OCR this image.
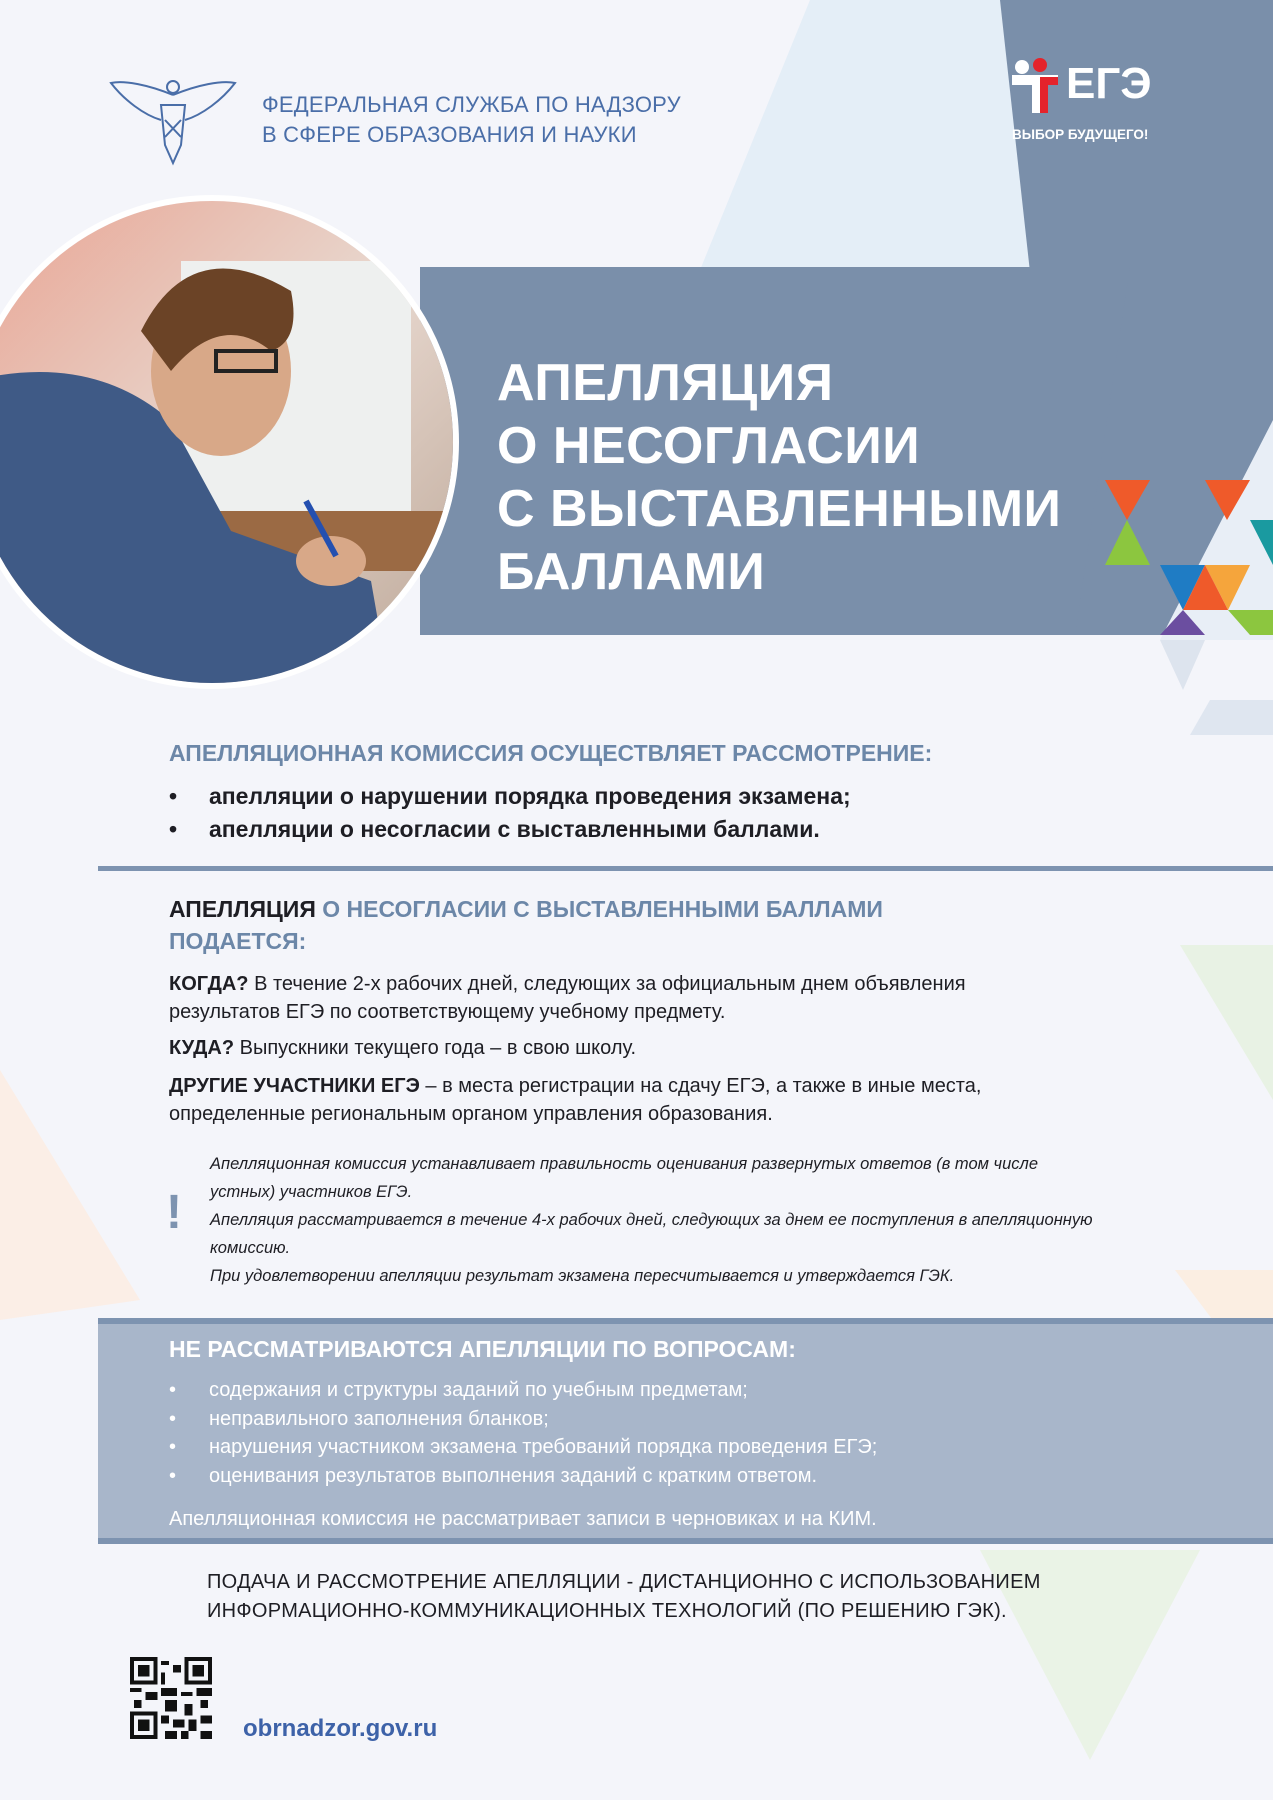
ФЕДЕРАЛЬНАЯ СЛУЖБА ПО НАДЗОРУ
В СФЕРЕ ОБРАЗОВАНИЯ И НАУКИ
ЕГЭ
ВЫБОР БУДУЩЕГО!
АПЕЛЛЯЦИЯ
О НЕСОГЛАСИИ
С ВЫСТАВЛЕННЫМИ
БАЛЛАМИ
АПЕЛЛЯЦИОННАЯ КОМИССИЯ ОСУЩЕСТВЛЯЕТ РАССМОТРЕНИЕ:
• апелляции о нарушении порядка проведения экзамена;
• апелляции о несогласии с выставленными баллами.
АПЕЛЛЯЦИЯ О НЕСОГЛАСИИ С ВЫСТАВЛЕННЫМИ БАЛЛАМИ
ПОДАЕТСЯ:
КОГДА? В течение 2-х рабочих дней, следующих за официальным днем объявления результатов ЕГЭ по соответствующему учебному предмету.
КУДА? Выпускники текущего года – в свою школу.
ДРУГИЕ УЧАСТНИКИ ЕГЭ – в места регистрации на сдачу ЕГЭ, а также в иные места, определенные региональным органом управления образования.
!
Апелляционная комиссия устанавливает правильность оценивания развернутых ответов (в том числе устных) участников ЕГЭ.
Апелляция рассматривается в течение 4-х рабочих дней, следующих за днем ее поступления в апелляционную комиссию.
При удовлетворении апелляции результат экзамена пересчитывается и утверждается ГЭК.
НЕ РАССМАТРИВАЮТСЯ АПЕЛЛЯЦИИ ПО ВОПРОСАМ:
• содержания и структуры заданий по учебным предметам;
• неправильного заполнения бланков;
• нарушения участником экзамена требований порядка проведения ЕГЭ;
• оценивания результатов выполнения заданий с кратким ответом.
Апелляционная комиссия не рассматривает записи в черновиках и на КИМ.
ПОДАЧА И РАССМОТРЕНИЕ АПЕЛЛЯЦИИ - ДИСТАНЦИОННО С ИСПОЛЬЗОВАНИЕМ
ИНФОРМАЦИОННО-КОММУНИКАЦИОННЫХ ТЕХНОЛОГИЙ (ПО РЕШЕНИЮ ГЭК).
obrnadzor.gov.ru
